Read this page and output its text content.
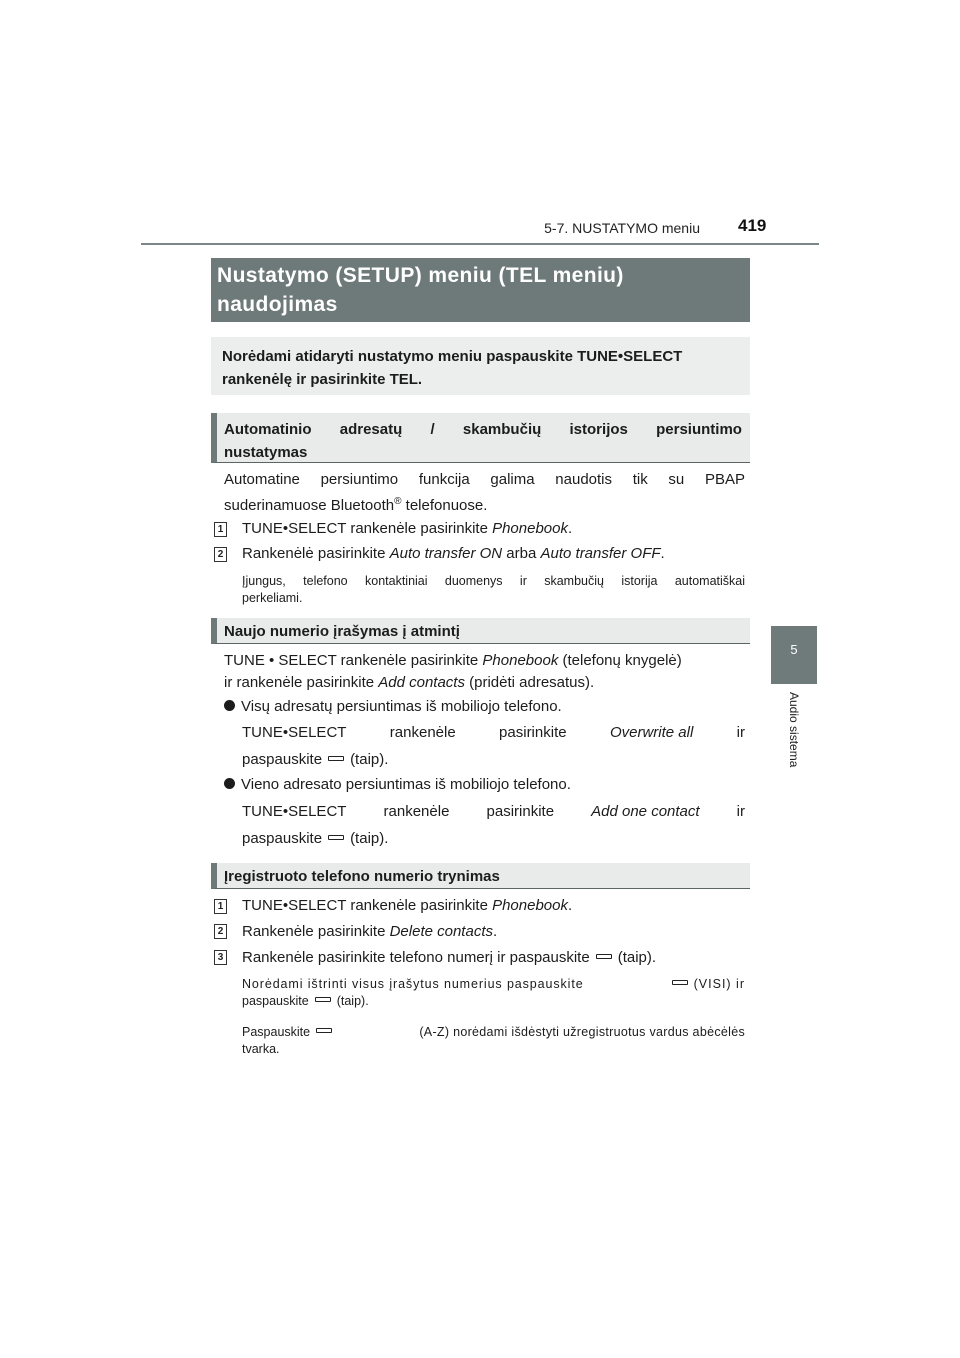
5-7. NUSTATYMO meniu 419
5
Audio sistema
Nustatymo (SETUP) meniu (TEL meniu)
naudojimas
Norėdami atidaryti nustatymo meniu paspauskite TUNE•SELECT
rankenėlę ir pasirinkite TEL.
Automatinio adresatų / skambučių istorijos persiuntimo
nustatymas
Automatine persiuntimo funkcija galima naudotis tik su PBAP
suderinamuose Bluetooth® telefonuose.
1 TUNE•SELECT rankenėle pasirinkite Phonebook.
2 Rankenėlė pasirinkite Auto transfer ON arba Auto transfer OFF.
Įjungus, telefono kontaktiniai duomenys ir skambučių istorija automatiškai
perkeliami.
Naujo numerio įrašymas į atmintį
TUNE • SELECT rankenėle pasirinkite Phonebook (telefonų knygelė)
ir rankenėle pasirinkite Add contacts (pridėti adresatus).
Visų adresatų persiuntimas iš mobiliojo telefono.
TUNE•SELECT	rankenėle	pasirinkite	Overwrite all	ir
paspauskite (taip).
Vieno adresato persiuntimas iš mobiliojo telefono.
TUNE•SELECT rankenėle pasirinkite Add one contact ir
paspauskite (taip).
Įregistruoto telefono numerio trynimas
1 TUNE•SELECT rankenėle pasirinkite Phonebook.
2 Rankenėle pasirinkite Delete contacts.
3 Rankenėle pasirinkite telefono numerį ir paspauskite (taip).
Norėdami ištrinti visus įrašytus numerius paspauskite	(VISI) ir
paspauskite (taip).
Paspauskite	(A-Z) norėdami išdėstyti užregistruotus vardus abėcėlės
tvarka.
